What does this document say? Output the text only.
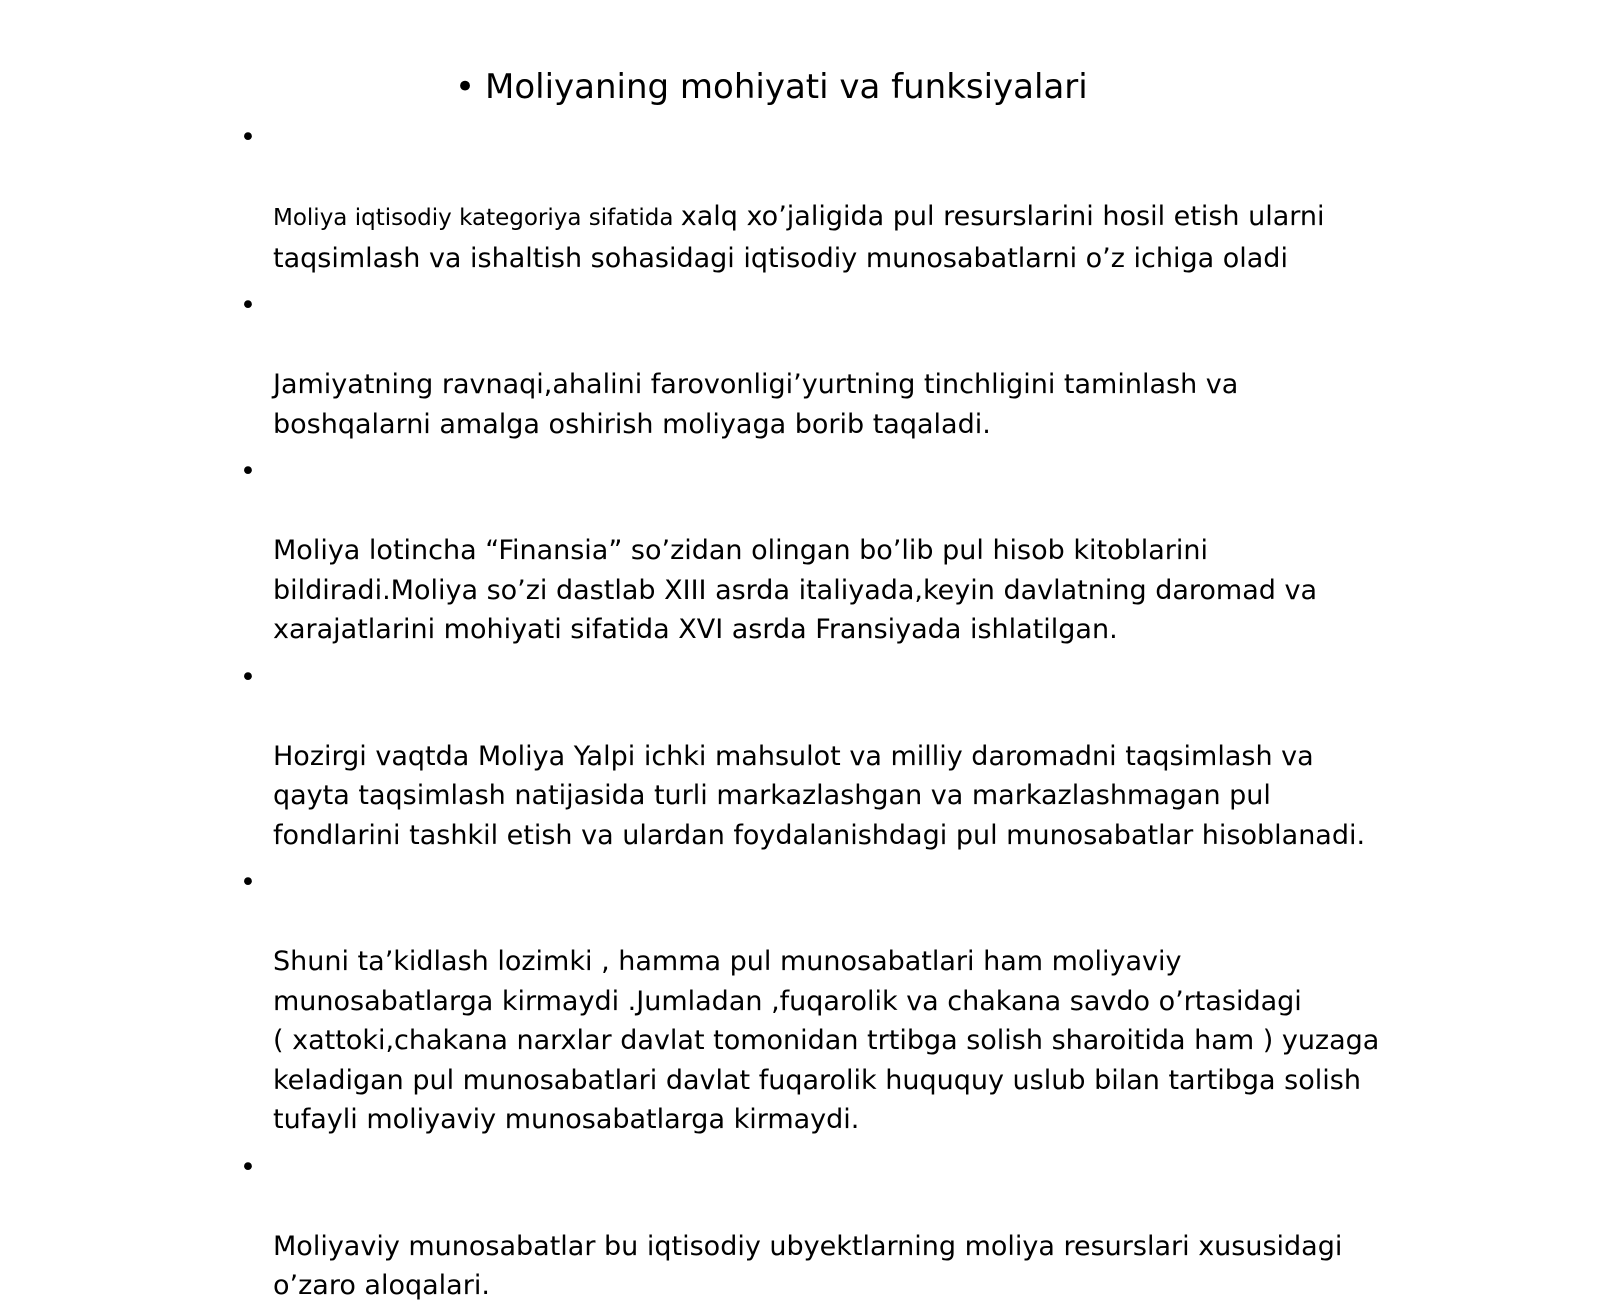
• Moliyaning mohiyati va funksiyalari

•

Moliya iqtisodiy kategoriya sifatida xalq xo’jaligida pul resurslarini hosil etish ularni
taqsimlash va ishaltish sohasidagi iqtisodiy munosabatlarni o’z ichiga oladi

•

Jamiyatning ravnaqi,ahalini farovonligi’yurtning tinchligini taminlash va
boshqalarni amalga oshirish moliyaga borib taqaladi.

•

Moliya lotincha “Finansia” so’zidan olingan bo’lib pul hisob kitoblarini
bildiradi.Moliya so’zi dastlab XIII asrda italiyada,keyin davlatning daromad va
xarajatlarini mohiyati sifatida XVI asrda Fransiyada ishlatilgan.

•

Hozirgi vaqtda Moliya Yalpi ichki mahsulot va milliy daromadni taqsimlash va
qayta taqsimlash natijasida turli markazlashgan va markazlashmagan pul
fondlarini tashkil etish va ulardan foydalanishdagi pul munosabatlar hisoblanadi.

•

Shuni ta’kidlash lozimki , hamma pul munosabatlari ham moliyaviy
munosabatlarga kirmaydi .Jumladan ,fuqarolik va chakana savdo o’rtasidagi
( xattoki,chakana narxlar davlat tomonidan trtibga solish sharoitida ham ) yuzaga
keladigan pul munosabatlari davlat fuqarolik huququy uslub bilan tartibga solish
tufayli moliyaviy munosabatlarga kirmaydi.

•

Moliyaviy munosabatlar bu iqtisodiy ubyektlarning moliya resurslari xususidagi
o’zaro aloqalari.
